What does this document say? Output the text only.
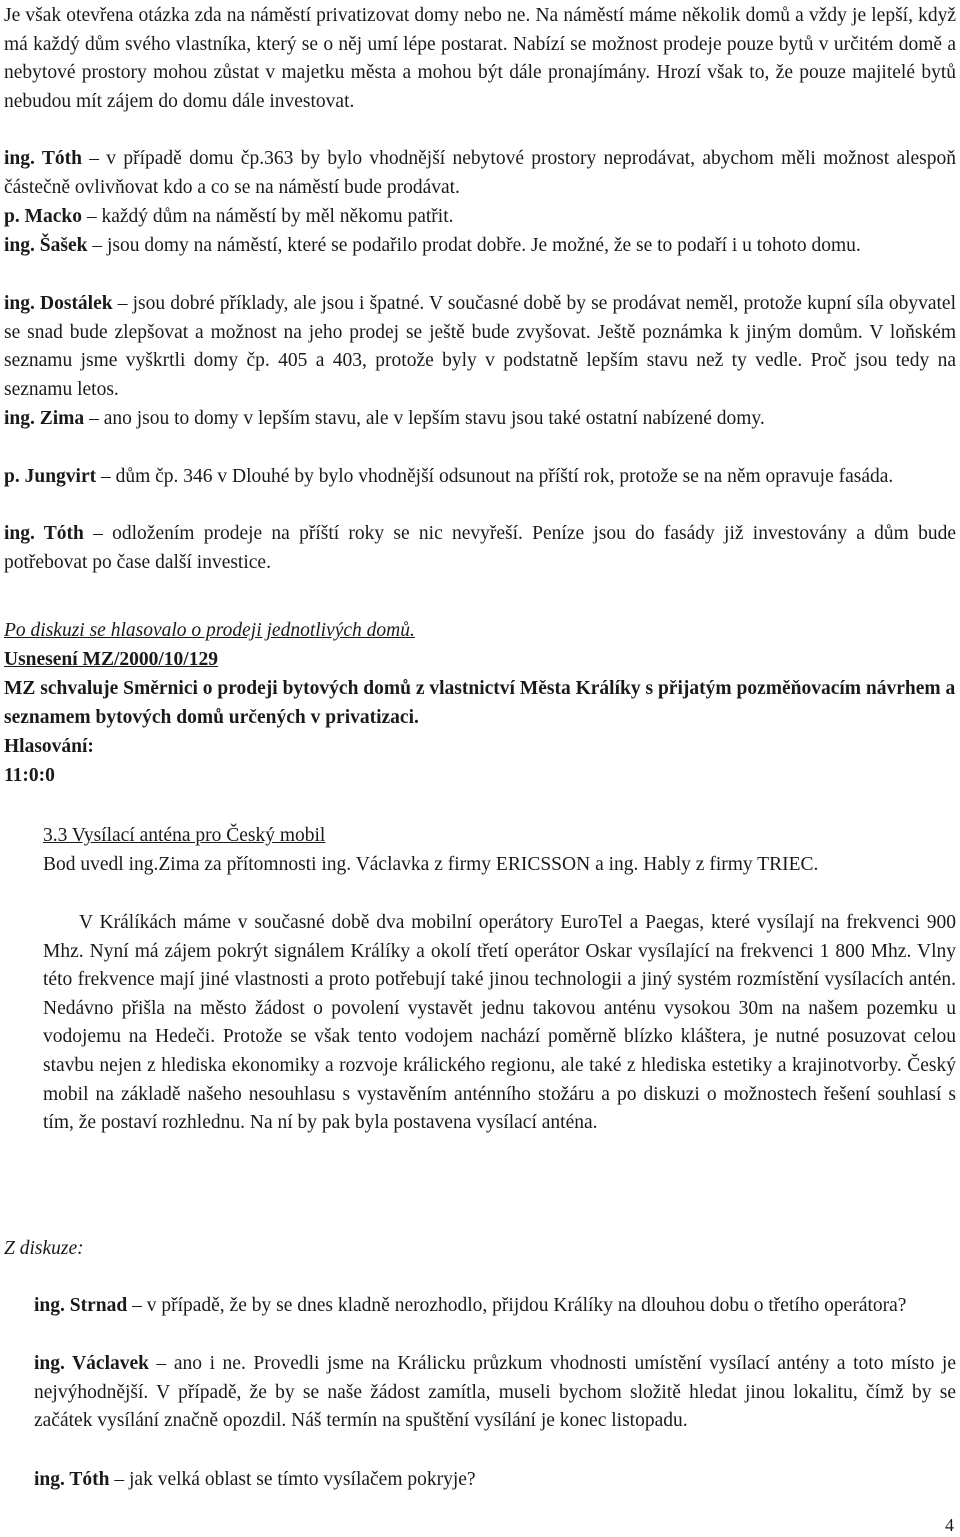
Je však otevřena otázka zda na náměstí privatizovat domy nebo ne. Na náměstí máme několik domů a vždy je lepší, když má každý dům svého vlastníka, který se o něj umí lépe postarat. Nabízí se možnost prodeje pouze bytů v určitém domě a nebytové prostory mohou zůstat v majetku města a mohou být dále pronajímány. Hrozí však to, že pouze majitelé bytů nebudou mít zájem do domu dále investovat.
ing. Tóth – v případě domu čp.363 by bylo vhodnější nebytové prostory neprodávat, abychom měli možnost alespoň částečně ovlivňovat kdo a co se na náměstí bude prodávat.
p. Macko – každý dům na náměstí by měl někomu patřit.
ing. Šašek – jsou domy na náměstí, které se podařilo prodat dobře. Je možné, že se to podaří i u tohoto domu.
ing. Dostálek – jsou dobré příklady, ale jsou i špatné. V současné době by se prodávat neměl, protože kupní síla obyvatel se snad bude zlepšovat a možnost na jeho prodej se ještě bude zvyšovat. Ještě poznámka k jiným domům. V loňském seznamu jsme vyškrtli domy čp. 405 a 403, protože byly v podstatně lepším stavu než ty vedle. Proč jsou tedy na seznamu letos.
ing. Zima – ano jsou to domy v lepším stavu, ale v lepším stavu jsou také ostatní nabízené domy.
p. Jungvirt – dům čp. 346 v Dlouhé by bylo vhodnější odsunout na příští rok, protože se na něm opravuje fasáda.
ing. Tóth – odložením prodeje na příští roky se nic nevyřeší. Peníze jsou do fasády již investovány a dům bude potřebovat po čase další investice.
Po diskuzi se hlasovalo o prodeji jednotlivých domů.
Usnesení MZ/2000/10/129
MZ schvaluje Směrnici o prodeji bytových domů z vlastnictví Města Králíky s přijatým pozměňovacím návrhem a seznamem bytových domů určených v privatizaci.
Hlasování:
11:0:0
3.3 Vysílací anténa pro Český mobil
Bod uvedl ing.Zima za přítomnosti ing. Václavka z firmy ERICSSON a ing. Hably z firmy TRIEC.
V Králíkách máme v současné době dva mobilní operátory EuroTel a Paegas, které vysílají na frekvenci 900 Mhz. Nyní má zájem pokrýt signálem Králíky a okolí třetí operátor Oskar vysílající na frekvenci 1 800 Mhz. Vlny této frekvence mají jiné vlastnosti a proto potřebují také jinou technologii a jiný systém rozmístění vysílacích antén. Nedávno přišla na město žádost o povolení vystavět jednu takovou anténu vysokou 30m na našem pozemku u vodojemu na Hedeči. Protože se však tento vodojem nachází poměrně blízko kláštera, je nutné posuzovat celou stavbu nejen z hlediska ekonomiky a rozvoje králického regionu, ale také z hlediska estetiky a krajinotvorby. Český mobil na základě našeho nesouhlasu s vystavěním anténního stožáru a po diskuzi o možnostech řešení souhlasí s tím, že postaví rozhlednu. Na ní by pak byla postavena vysílací anténa.
Z diskuze:
ing. Strnad – v případě, že by se dnes kladně nerozhodlo, přijdou Králíky na dlouhou dobu o třetího operátora?
ing. Václavek – ano i ne. Provedli jsme na Králicku průzkum vhodnosti umístění vysílací antény a toto místo je nejvýhodnější. V případě, že by se naše žádost zamítla, museli bychom složitě hledat jinou lokalitu, čímž by se začátek vysílání značně opozdil. Náš termín na spuštění vysílání je konec listopadu.
ing. Tóth – jak velká oblast se tímto vysílačem pokryje?
4
